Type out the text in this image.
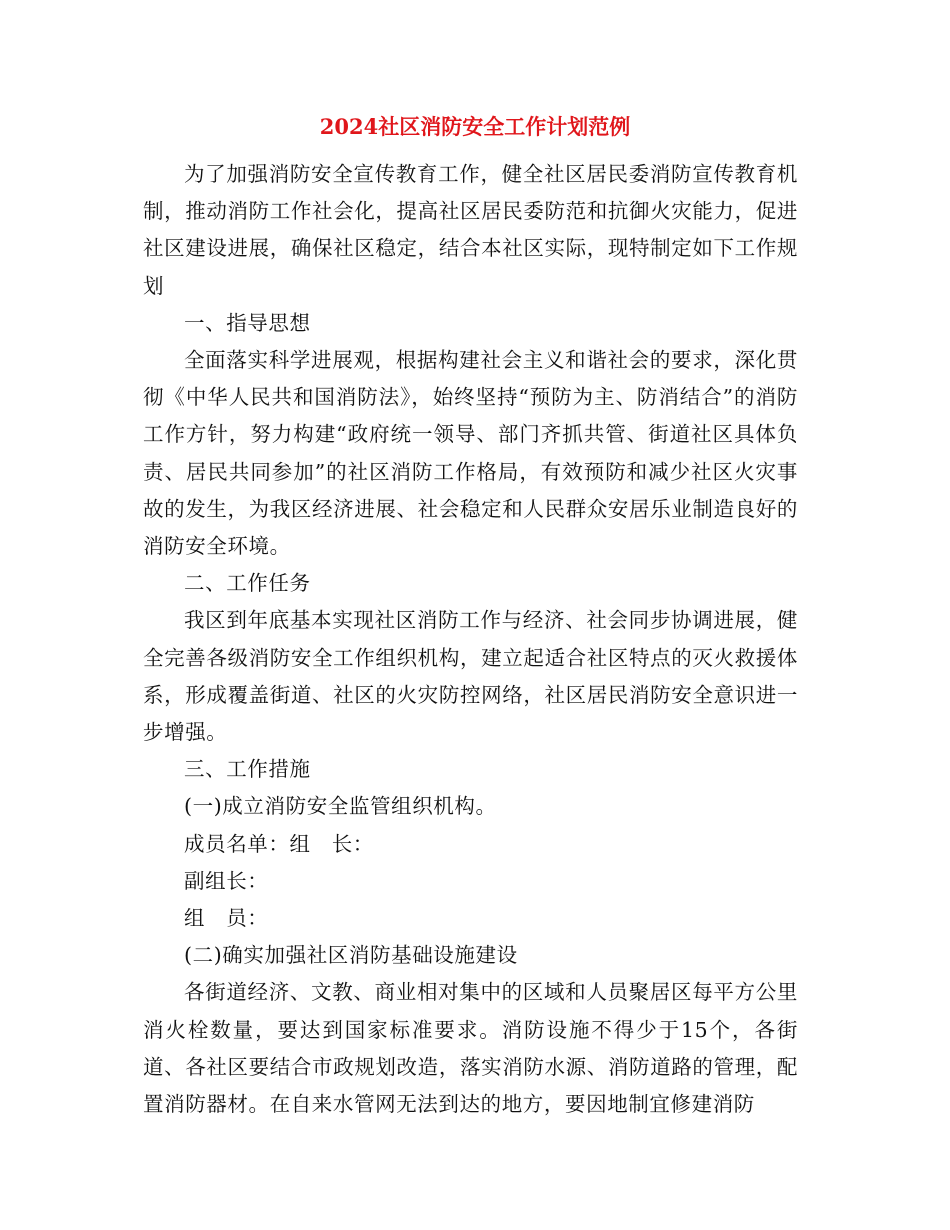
2024社区消防安全工作计划范例

为了加强消防安全宣传教育工作，健全社区居民委消防宣传教育机制，推动消防工作社会化，提高社区居民委防范和抗御火灾能力，促进社区建设进展，确保社区稳定，结合本社区实际，现特制定如下工作规划

一、指导思想

全面落实科学进展观，根据构建社会主义和谐社会的要求，深化贯彻《中华人民共和国消防法》，始终坚持“预防为主、防消结合”的消防工作方针，努力构建“政府统一领导、部门齐抓共管、街道社区具体负责、居民共同参加”的社区消防工作格局，有效预防和减少社区火灾事故的发生，为我区经济进展、社会稳定和人民群众安居乐业制造良好的消防安全环境。

二、工作任务

我区到年底基本实现社区消防工作与经济、社会同步协调进展，健全完善各级消防安全工作组织机构，建立起适合社区特点的灭火救援体系，形成覆盖街道、社区的火灾防控网络，社区居民消防安全意识进一步增强。

三、工作措施

(一)成立消防安全监管组织机构。

成员名单：组　长：

副组长：

组　员：

(二)确实加强社区消防基础设施建设

各街道经济、文教、商业相对集中的区域和人员聚居区每平方公里消火栓数量，要达到国家标准要求。消防设施不得少于15个，各街道、各社区要结合市政规划改造，落实消防水源、消防道路的管理，配置消防器材。在自来水管网无法到达的地方，要因地制宜修建消防
